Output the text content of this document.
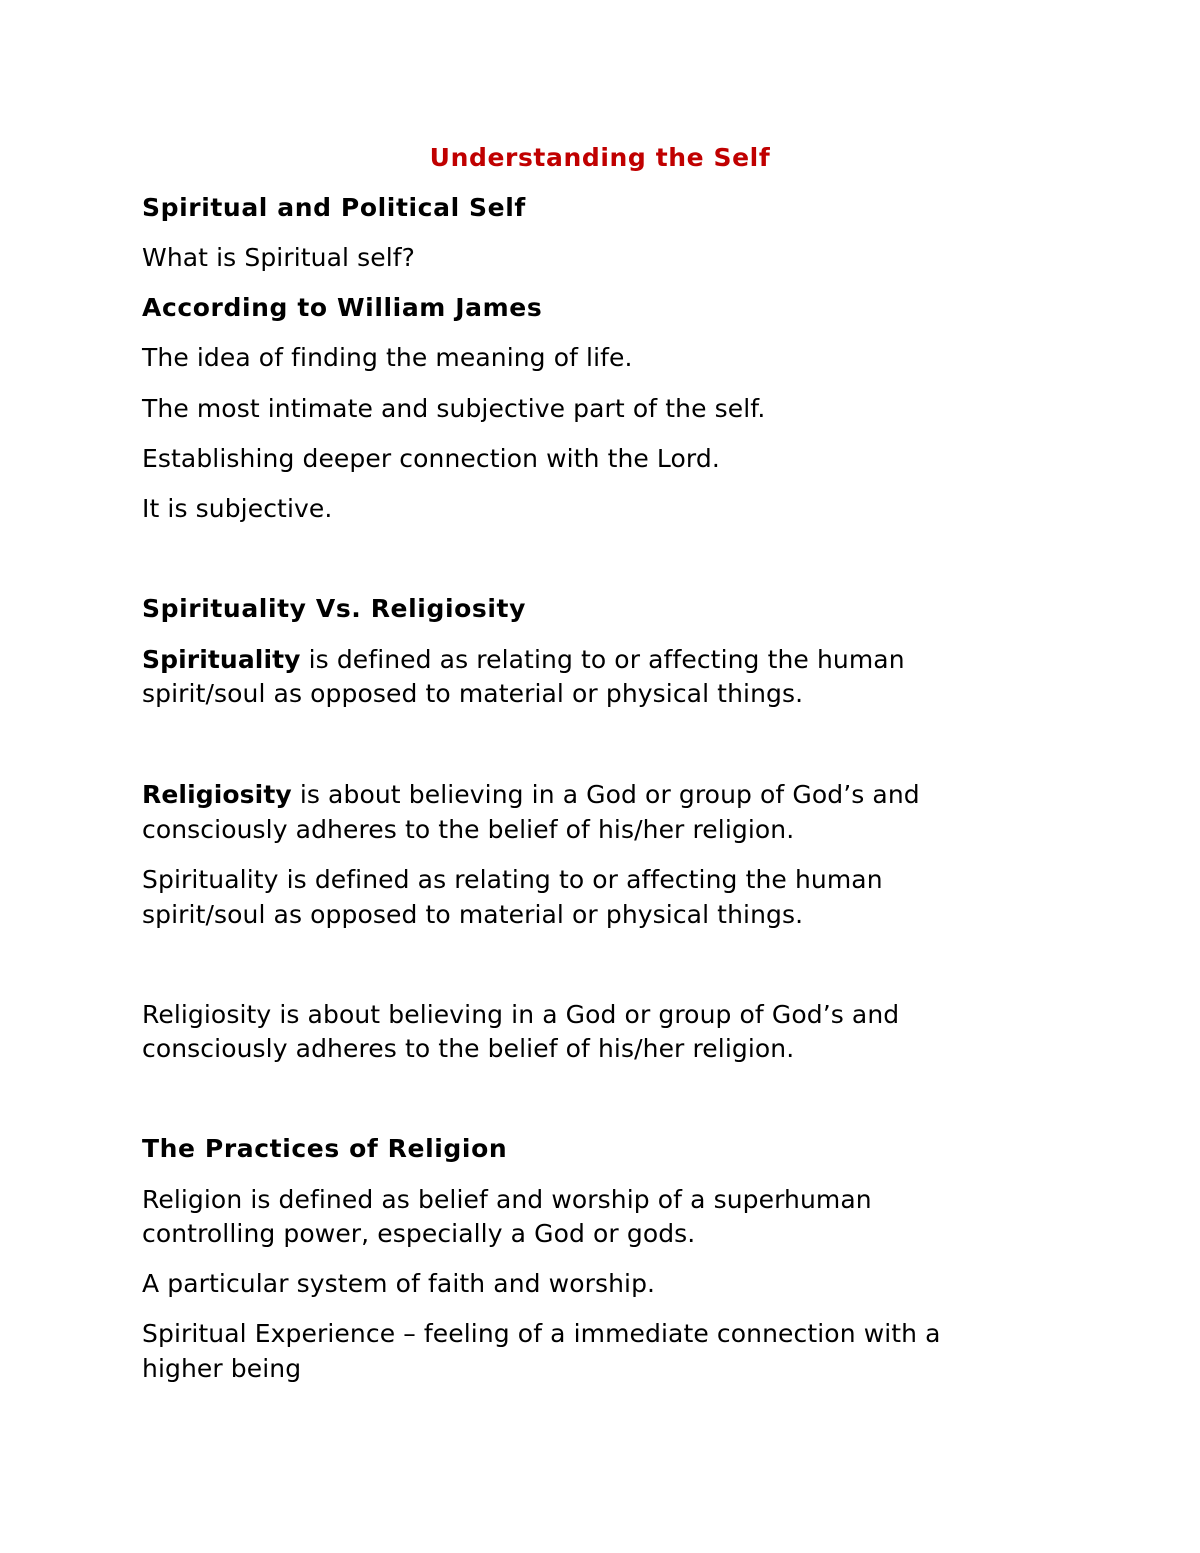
Understanding the Self
Spiritual and Political Self
What is Spiritual self?
According to William James
The idea of finding the meaning of life.
The most intimate and subjective part of the self.
Establishing deeper connection with the Lord.
It is subjective.
Spirituality Vs. Religiosity
Spirituality is defined as relating to or affecting the human
spirit/soul as opposed to material or physical things.
Religiosity is about believing in a God or group of God’s and
consciously adheres to the belief of his/her religion.
Spirituality is defined as relating to or affecting the human
spirit/soul as opposed to material or physical things.
Religiosity is about believing in a God or group of God’s and
consciously adheres to the belief of his/her religion.
The Practices of Religion
Religion is defined as belief and worship of a superhuman
controlling power, especially a God or gods.
A particular system of faith and worship.
Spiritual Experience – feeling of a immediate connection with a
higher being
